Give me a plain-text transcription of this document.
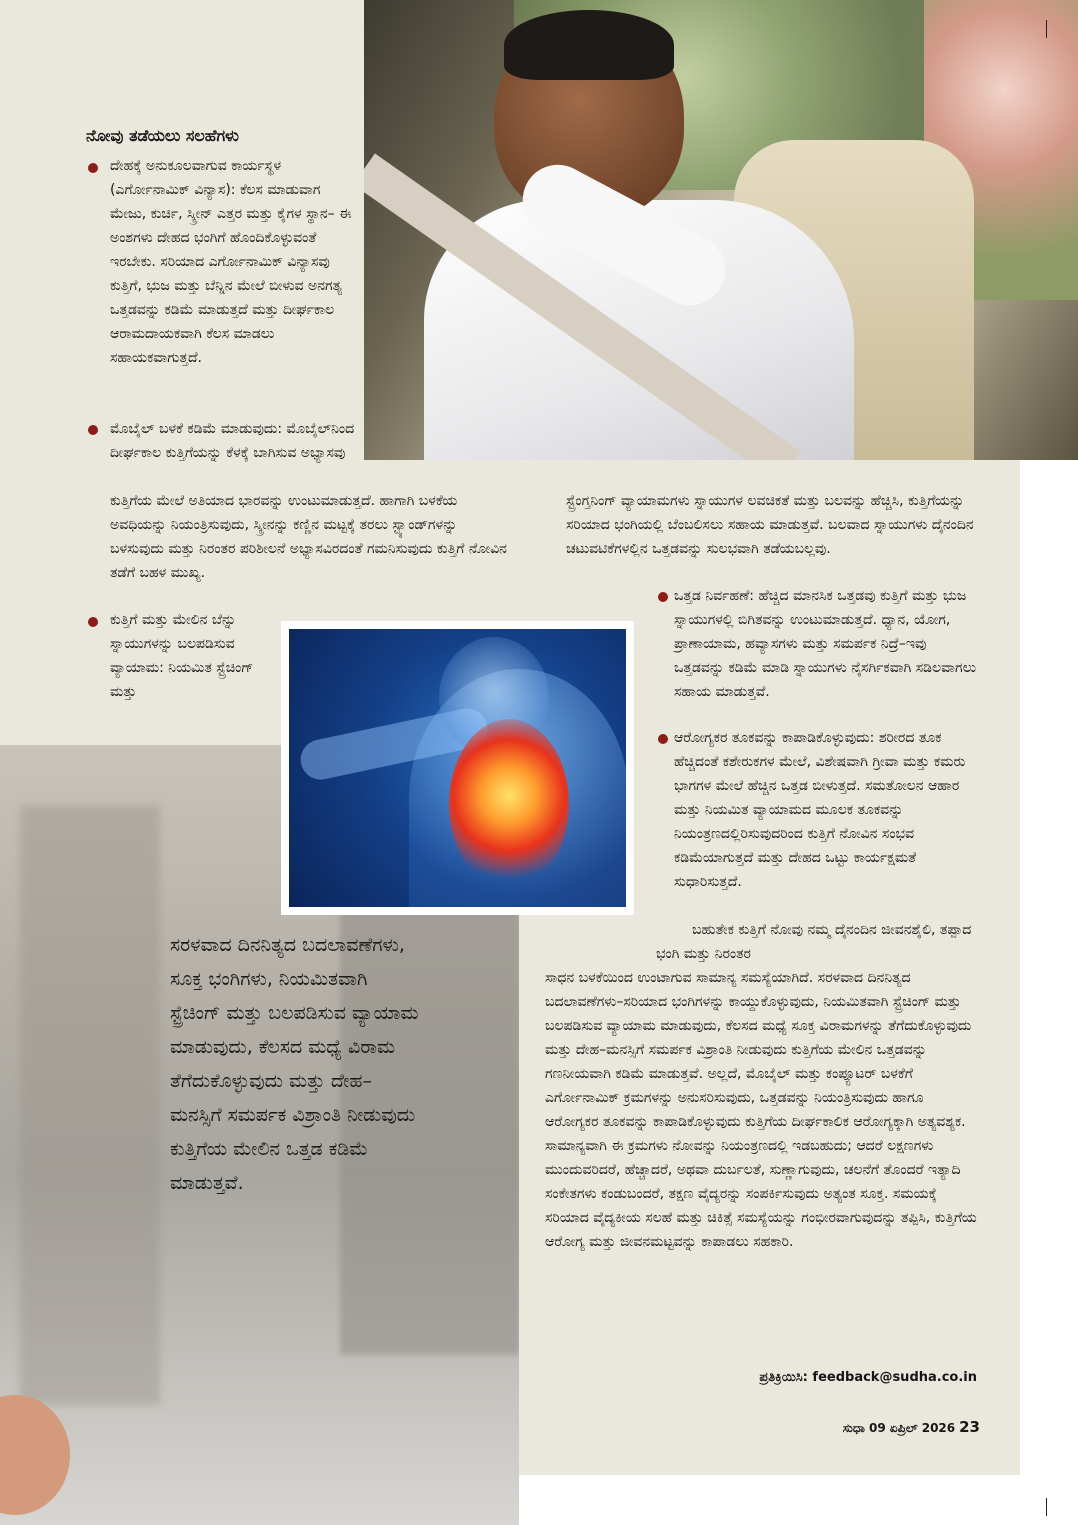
ನೋವು ತಡೆಯಲು ಸಲಹೆಗಳು
ದೇಹಕ್ಕೆ ಅನುಕೂಲವಾಗುವ ಕಾರ್ಯಸ್ಥಳ (ಎರ್ಗೋನಾಮಿಕ್ ವಿನ್ಯಾಸ): ಕೆಲಸ ಮಾಡುವಾಗ ಮೇಜು, ಕುರ್ಚಿ, ಸ್ಕ್ರೀನ್ ಎತ್ತರ ಮತ್ತು ಕೈಗಳ ಸ್ಥಾನ– ಈ ಅಂಶಗಳು ದೇಹದ ಭಂಗಿಗೆ ಹೊಂದಿಕೊಳ್ಳುವಂತೆ ಇರಬೇಕು. ಸರಿಯಾದ ಎರ್ಗೋನಾಮಿಕ್ ವಿನ್ಯಾಸವು ಕುತ್ತಿಗೆ, ಭುಜ ಮತ್ತು ಬೆನ್ನಿನ ಮೇಲೆ ಬೀಳುವ ಅನಗತ್ಯ ಒತ್ತಡವನ್ನು ಕಡಿಮೆ ಮಾಡುತ್ತದೆ ಮತ್ತು ದೀರ್ಘಕಾಲ ಆರಾಮದಾಯಕವಾಗಿ ಕೆಲಸ ಮಾಡಲು ಸಹಾಯಕವಾಗುತ್ತದೆ.
ಮೊಬೈಲ್ ಬಳಕೆ ಕಡಿಮೆ ಮಾಡುವುದು: ಮೊಬೈಲ್‌ನಿಂದ ದೀರ್ಘಕಾಲ ಕುತ್ತಿಗೆಯನ್ನು ಕೆಳಕ್ಕೆ ಬಾಗಿಸುವ ಅಭ್ಯಾಸವು
ಕುತ್ತಿಗೆಯ ಮೇಲೆ ಅತಿಯಾದ ಭಾರವನ್ನು ಉಂಟುಮಾಡುತ್ತದೆ. ಹಾಗಾಗಿ ಬಳಕೆಯ ಅವಧಿಯನ್ನು ನಿಯಂತ್ರಿಸುವುದು, ಸ್ಕ್ರೀನನ್ನು ಕಣ್ಣಿನ ಮಟ್ಟಕ್ಕೆ ತರಲು ಸ್ಟ್ಯಾಂಡ್‌ಗಳನ್ನು ಬಳಸುವುದು ಮತ್ತು ನಿರಂತರ ಪರಿಶೀಲನೆ ಅಭ್ಯಾಸವಿರದಂತೆ ಗಮನಿಸುವುದು ಕುತ್ತಿಗೆ ನೋವಿನ ತಡೆಗೆ ಬಹಳ ಮುಖ್ಯ.
ಕುತ್ತಿಗೆ ಮತ್ತು ಮೇಲಿನ ಬೆನ್ನು ಸ್ನಾಯುಗಳನ್ನು ಬಲಪಡಿಸುವ ವ್ಯಾಯಾಮ: ನಿಯಮಿತ ಸ್ಟ್ರೆಚಿಂಗ್ ಮತ್ತು
ಸ್ಟ್ರೆಂಗ್ತನಿಂಗ್ ವ್ಯಾಯಾಮಗಳು ಸ್ನಾಯುಗಳ ಲವಚಿಕತೆ ಮತ್ತು ಬಲವನ್ನು ಹೆಚ್ಚಿಸಿ, ಕುತ್ತಿಗೆಯನ್ನು ಸರಿಯಾದ ಭಂಗಿಯಲ್ಲಿ ಬೆಂಬಲಿಸಲು ಸಹಾಯ ಮಾಡುತ್ತವೆ. ಬಲವಾದ ಸ್ನಾಯುಗಳು ದೈನಂದಿನ ಚಟುವಟಿಕೆಗಳಲ್ಲಿನ ಒತ್ತಡವನ್ನು ಸುಲಭವಾಗಿ ತಡೆಯಬಲ್ಲವು.
ಒತ್ತಡ ನಿರ್ವಹಣೆ: ಹೆಚ್ಚಿದ ಮಾನಸಿಕ ಒತ್ತಡವು ಕುತ್ತಿಗೆ ಮತ್ತು ಭುಜ ಸ್ನಾಯುಗಳಲ್ಲಿ ಬಿಗಿತವನ್ನು ಉಂಟುಮಾಡುತ್ತದೆ. ಧ್ಯಾನ, ಯೋಗ, ಪ್ರಾಣಾಯಾಮ, ಹವ್ಯಾಸಗಳು ಮತ್ತು ಸಮರ್ಪಕ ನಿದ್ರೆ–ಇವು ಒತ್ತಡವನ್ನು ಕಡಿಮೆ ಮಾಡಿ ಸ್ನಾಯುಗಳು ನೈಸರ್ಗಿಕವಾಗಿ ಸಡಿಲವಾಗಲು ಸಹಾಯ ಮಾಡುತ್ತವೆ.
ಆರೋಗ್ಯಕರ ತೂಕವನ್ನು ಕಾಪಾಡಿಕೊಳ್ಳುವುದು: ಶರೀರದ ತೂಕ ಹೆಚ್ಚಿದಂತೆ ಕಶೇರುಕಗಳ ಮೇಲೆ, ವಿಶೇಷವಾಗಿ ಗ್ರೀವಾ ಮತ್ತು ಕಮರು ಭಾಗಗಳ ಮೇಲೆ ಹೆಚ್ಚಿನ ಒತ್ತಡ ಬೀಳುತ್ತದೆ. ಸಮತೋಲನ ಆಹಾರ ಮತ್ತು ನಿಯಮಿತ ವ್ಯಾಯಾಮದ ಮೂಲಕ ತೂಕವನ್ನು ನಿಯಂತ್ರಣದಲ್ಲಿರಿಸುವುದರಿಂದ ಕುತ್ತಿಗೆ ನೋವಿನ ಸಂಭವ ಕಡಿಮೆಯಾಗುತ್ತದೆ ಮತ್ತು ದೇಹದ ಒಟ್ಟು ಕಾರ್ಯಕ್ಷಮತೆ ಸುಧಾರಿಸುತ್ತದೆ.
ಬಹುತೇಕ ಕುತ್ತಿಗೆ ನೋವು ನಮ್ಮ ದೈನಂದಿನ ಜೀವನಶೈಲಿ, ತಪ್ಪಾದ ಭಂಗಿ ಮತ್ತು ನಿರಂತರ
ಸಾಧನ ಬಳಕೆಯಿಂದ ಉಂಟಾಗುವ ಸಾಮಾನ್ಯ ಸಮಸ್ಯೆಯಾಗಿದೆ. ಸರಳವಾದ ದಿನನಿತ್ಯದ ಬದಲಾವಣೆಗಳು–ಸರಿಯಾದ ಭಂಗಿಗಳನ್ನು ಕಾಯ್ದುಕೊಳ್ಳುವುದು, ನಿಯಮಿತವಾಗಿ ಸ್ಟ್ರೆಚಿಂಗ್ ಮತ್ತು ಬಲಪಡಿಸುವ ವ್ಯಾಯಾಮ ಮಾಡುವುದು, ಕೆಲಸದ ಮಧ್ಯೆ ಸೂಕ್ತ ವಿರಾಮಗಳನ್ನು ತೆಗೆದುಕೊಳ್ಳುವುದು ಮತ್ತು ದೇಹ–ಮನಸ್ಸಿಗೆ ಸಮರ್ಪಕ ವಿಶ್ರಾಂತಿ ನೀಡುವುದು ಕುತ್ತಿಗೆಯ ಮೇಲಿನ ಒತ್ತಡವನ್ನು ಗಣನೀಯವಾಗಿ ಕಡಿಮೆ ಮಾಡುತ್ತವೆ. ಅಲ್ಲದೆ, ಮೊಬೈಲ್ ಮತ್ತು ಕಂಪ್ಯೂಟರ್ ಬಳಕೆಗೆ ಎರ್ಗೋನಾಮಿಕ್ ಕ್ರಮಗಳನ್ನು ಅನುಸರಿಸುವುದು, ಒತ್ತಡವನ್ನು ನಿಯಂತ್ರಿಸುವುದು ಹಾಗೂ ಆರೋಗ್ಯಕರ ತೂಕವನ್ನು ಕಾಪಾಡಿಕೊಳ್ಳುವುದು ಕುತ್ತಿಗೆಯ ದೀರ್ಘಕಾಲಿಕ ಆರೋಗ್ಯಕ್ಕಾಗಿ ಅತ್ಯವಶ್ಯಕ. ಸಾಮಾನ್ಯವಾಗಿ ಈ ಕ್ರಮಗಳು ನೋವನ್ನು ನಿಯಂತ್ರಣದಲ್ಲಿ ಇಡಬಹುದು; ಆದರೆ ಲಕ್ಷಣಗಳು ಮುಂದುವರಿದರೆ, ಹೆಚ್ಚಾದರೆ, ಅಥವಾ ದುರ್ಬಲತೆ, ಸುಣ್ಣಾಗುವುದು, ಚಲನೆಗೆ ತೊಂದರೆ ಇತ್ಯಾದಿ ಸಂಕೇತಗಳು ಕಂಡುಬಂದರೆ, ತಕ್ಷಣ ವೈದ್ಯರನ್ನು ಸಂಪರ್ಕಿಸುವುದು ಅತ್ಯಂತ ಸೂಕ್ತ. ಸಮಯಕ್ಕೆ ಸರಿಯಾದ ವೈದ್ಯಕೀಯ ಸಲಹೆ ಮತ್ತು ಚಿಕಿತ್ಸೆ ಸಮಸ್ಯೆಯನ್ನು ಗಂಭೀರವಾಗುವುದನ್ನು ತಪ್ಪಿಸಿ, ಕುತ್ತಿಗೆಯ ಆರೋಗ್ಯ ಮತ್ತು ಜೀವನಮಟ್ಟವನ್ನು ಕಾಪಾಡಲು ಸಹಕಾರಿ.
ಸರಳವಾದ ದಿನನಿತ್ಯದ ಬದಲಾವಣೆಗಳು, ಸೂಕ್ತ ಭಂಗಿಗಳು, ನಿಯಮಿತವಾಗಿ ಸ್ಟ್ರೆಚಿಂಗ್ ಮತ್ತು ಬಲಪಡಿಸುವ ವ್ಯಾಯಾಮ ಮಾಡುವುದು, ಕೆಲಸದ ಮಧ್ಯೆ ವಿರಾಮ ತೆಗೆದುಕೊಳ್ಳುವುದು ಮತ್ತು ದೇಹ–ಮನಸ್ಸಿಗೆ ಸಮರ್ಪಕ ವಿಶ್ರಾಂತಿ ನೀಡುವುದು ಕುತ್ತಿಗೆಯ ಮೇಲಿನ ಒತ್ತಡ ಕಡಿಮೆ ಮಾಡುತ್ತವೆ.
ಪ್ರತಿಕ್ರಿಯಿಸಿ: feedback@sudha.co.in
ಸುಧಾ 09 ಏಪ್ರಿಲ್ 2026 23
